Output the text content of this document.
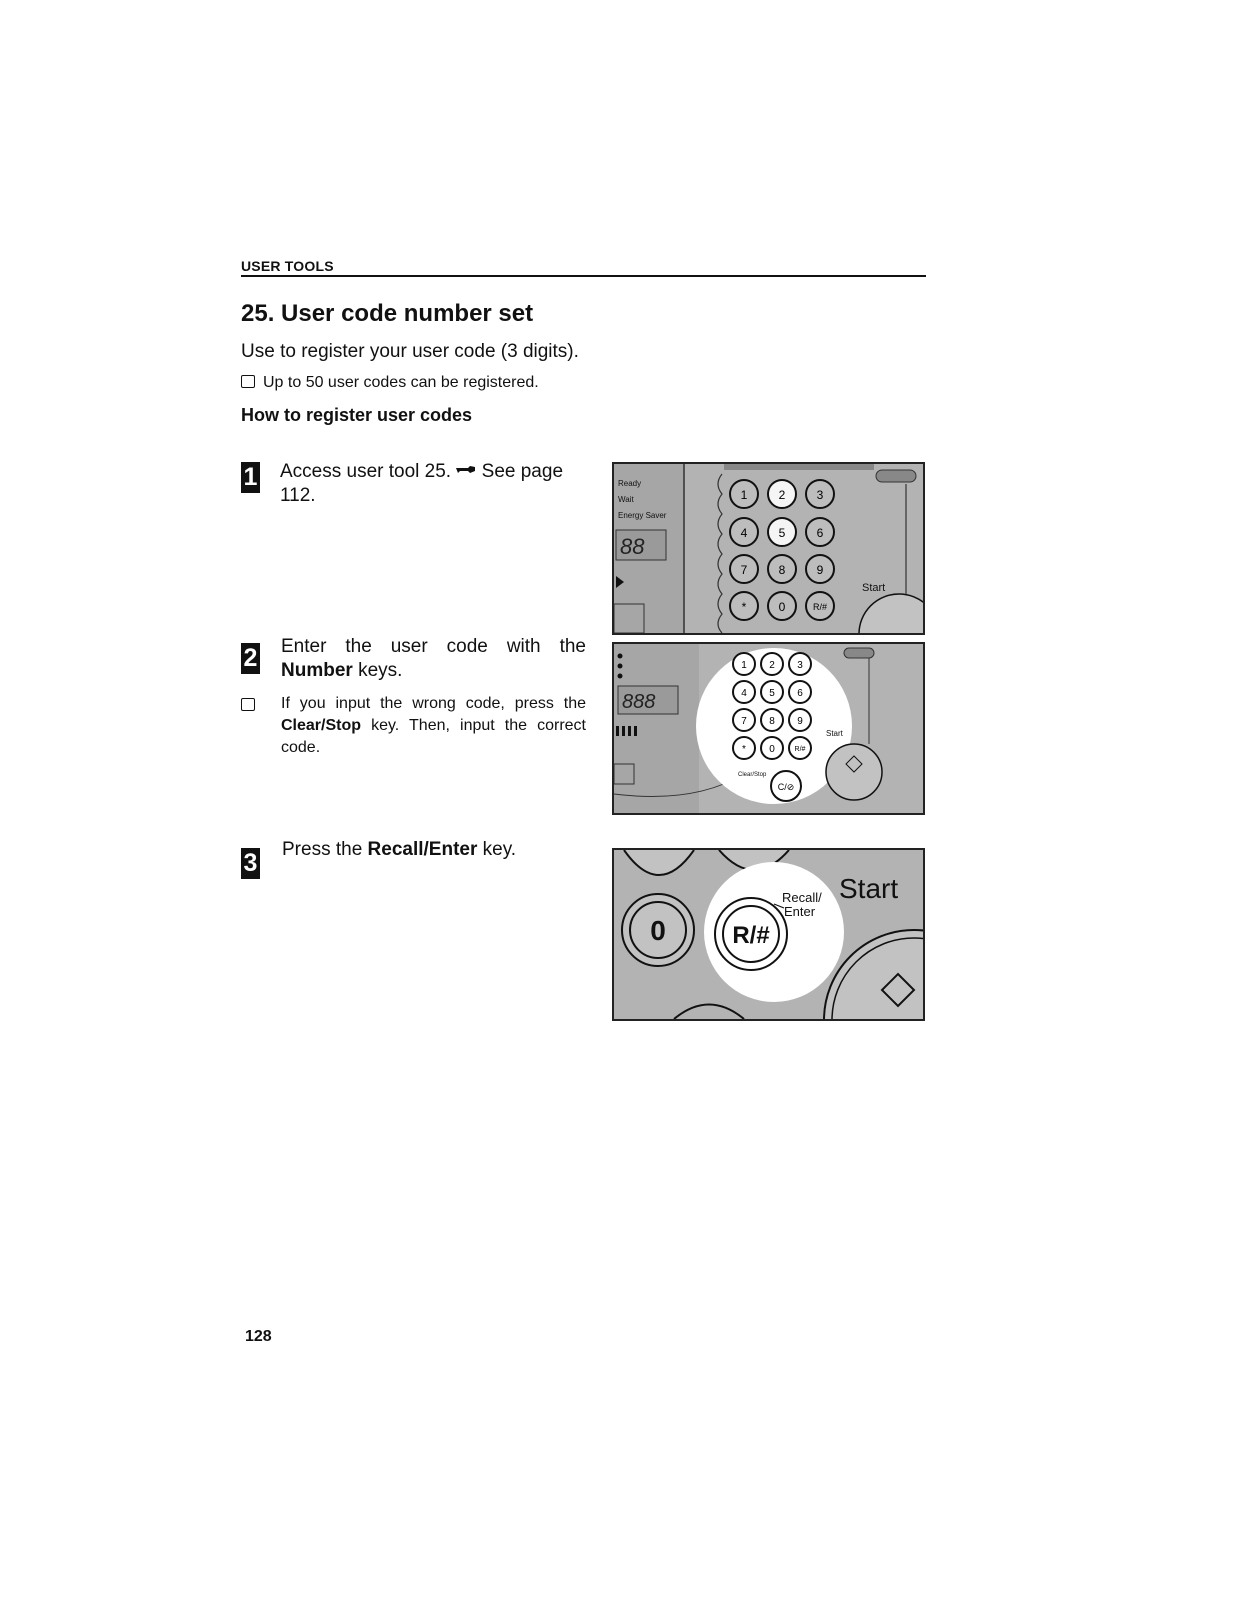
USER TOOLS
25. User code number set
Use to register your user code (3 digits).
Up to 50 user codes can be registered.
How to register user codes
1 Access user tool 25.  See page 112.
2 Enter the user code with the Number keys.
If you input the wrong code, press the Clear/Stop key. Then, input the correct code.
3 Press the Recall/Enter key.
Ready
Wait
Energy Saver
88
1	2	3
4	5	6
7	8	9
*	0	R/#
Start
888
1 2 3
4 5 6
7 8 9
* 0	R/#
Start
Clear/Stop
C/⊘
0	R/#
Recall/
Enter
Start
128
